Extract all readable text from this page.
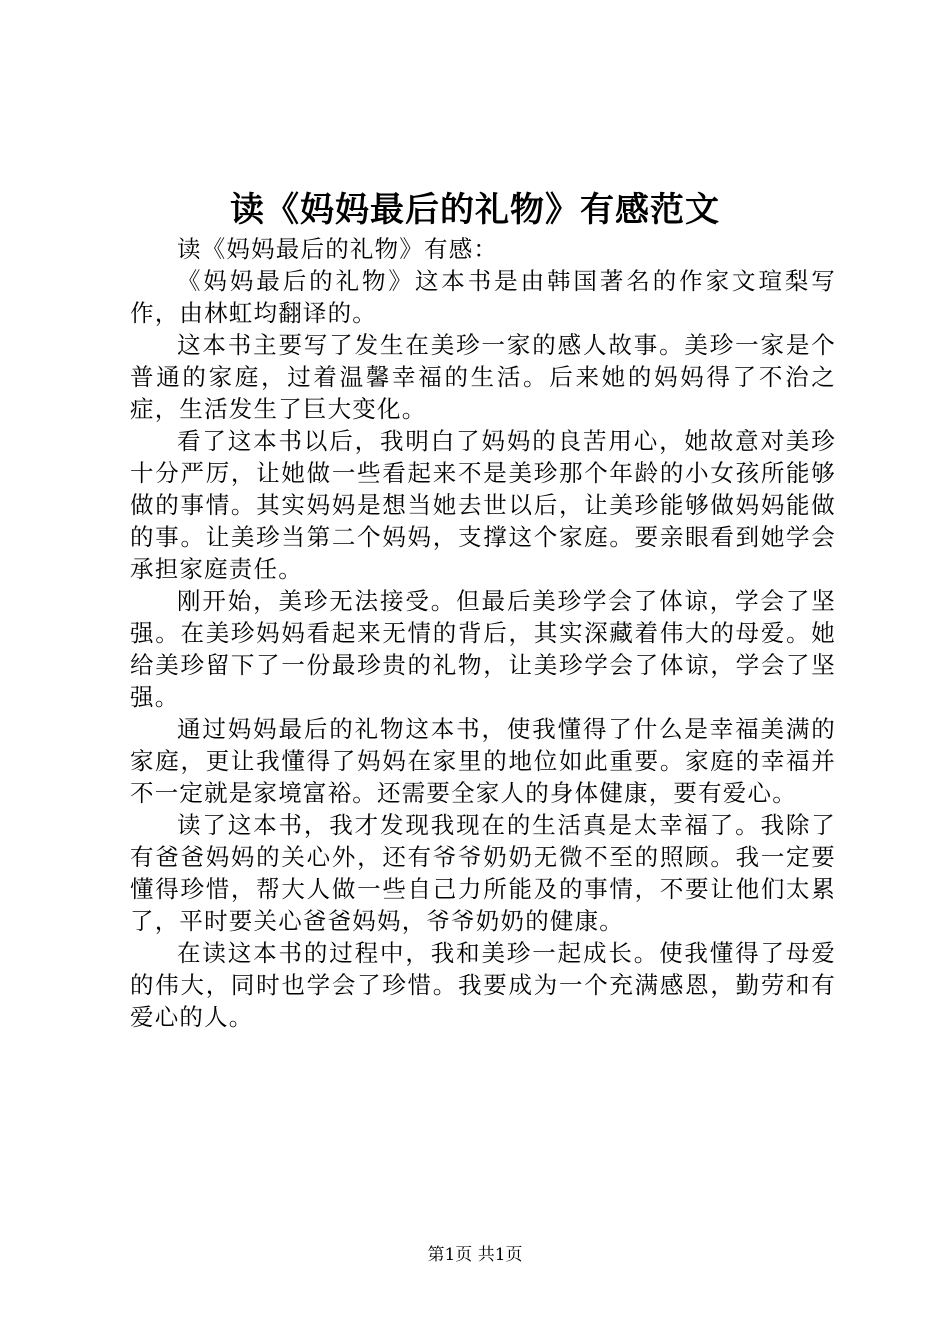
读《妈妈最后的礼物》有感范文

读《妈妈最后的礼物》有感：

《妈妈最后的礼物》这本书是由韩国著名的作家文瑄梨写作，由林虹均翻译的。

这本书主要写了发生在美珍一家的感人故事。美珍一家是个普通的家庭，过着温馨幸福的生活。后来她的妈妈得了不治之症，生活发生了巨大变化。

看了这本书以后，我明白了妈妈的良苦用心，她故意对美珍十分严厉，让她做一些看起来不是美珍那个年龄的小女孩所能够做的事情。其实妈妈是想当她去世以后，让美珍能够做妈妈能做的事。让美珍当第二个妈妈，支撑这个家庭。要亲眼看到她学会承担家庭责任。

刚开始，美珍无法接受。但最后美珍学会了体谅，学会了坚强。在美珍妈妈看起来无情的背后，其实深藏着伟大的母爱。她给美珍留下了一份最珍贵的礼物，让美珍学会了体谅，学会了坚强。

通过妈妈最后的礼物这本书，使我懂得了什么是幸福美满的家庭，更让我懂得了妈妈在家里的地位如此重要。家庭的幸福并不一定就是家境富裕。还需要全家人的身体健康，要有爱心。

读了这本书，我才发现我现在的生活真是太幸福了。我除了有爸爸妈妈的关心外，还有爷爷奶奶无微不至的照顾。我一定要懂得珍惜，帮大人做一些自己力所能及的事情，不要让他们太累了，平时要关心爸爸妈妈，爷爷奶奶的健康。

在读这本书的过程中，我和美珍一起成长。使我懂得了母爱的伟大，同时也学会了珍惜。我要成为一个充满感恩，勤劳和有爱心的人。

第1页 共1页
